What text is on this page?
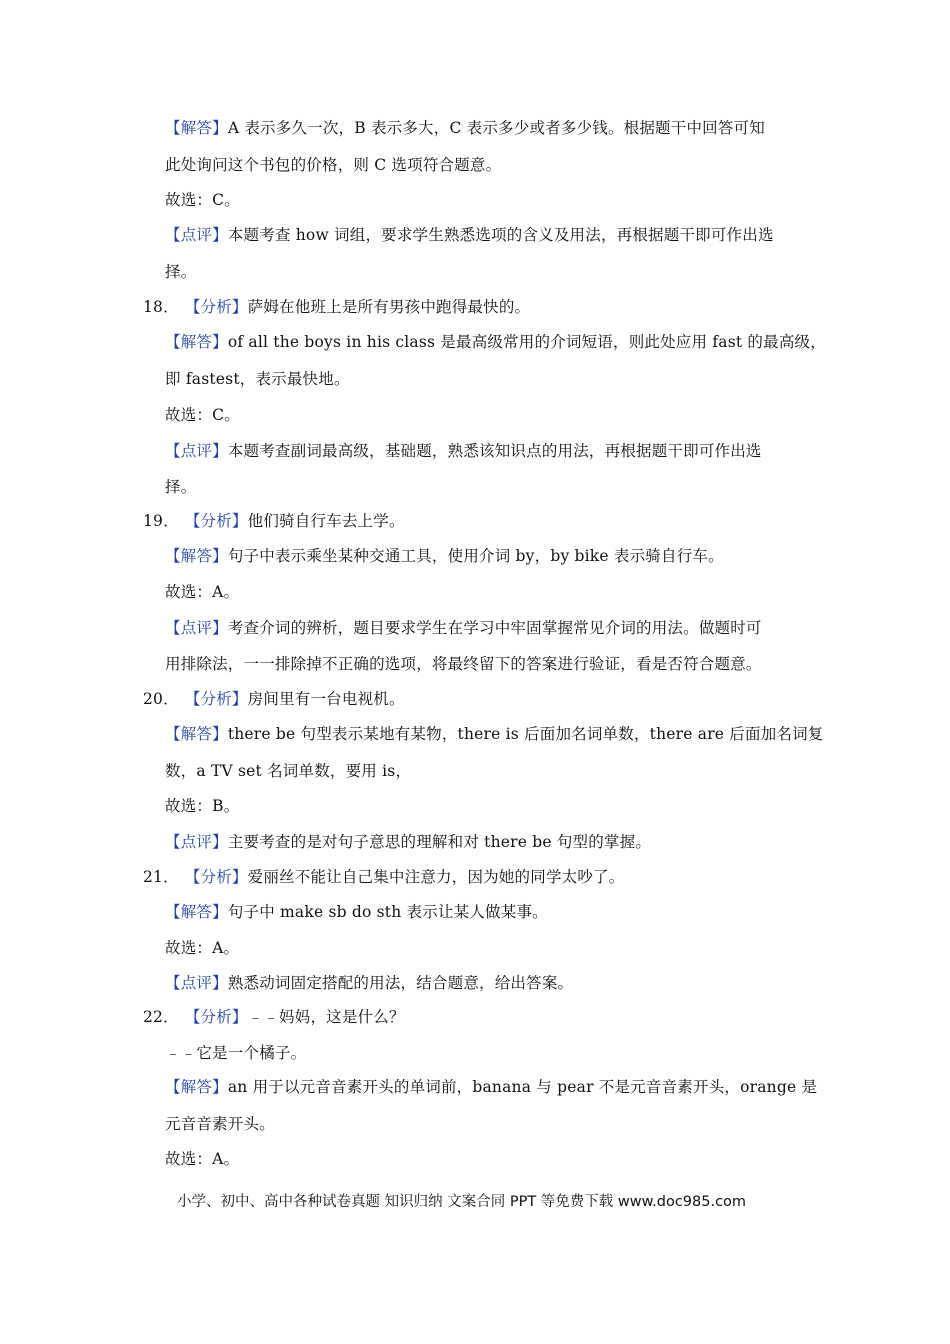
【解答】A 表示多久一次，B 表示多大，C 表示多少或者多少钱。根据题干中回答可知
此处询问这个书包的价格，则 C 选项符合题意。
故选：C。
【点评】本题考查 how 词组，要求学生熟悉选项的含义及用法，再根据题干即可作出选
择。
18． 【分析】萨姆在他班上是所有男孩中跑得最快的。
【解答】of all the boys in his class 是最高级常用的介词短语，则此处应用 fast 的最高级，
即 fastest，表示最快地。
故选：C。
【点评】本题考查副词最高级，基础题，熟悉该知识点的用法，再根据题干即可作出选
择。
19． 【分析】他们骑自行车去上学。
【解答】句子中表示乘坐某种交通工具，使用介词 by，by bike 表示骑自行车。
故选：A。
【点评】考查介词的辨析，题目要求学生在学习中牢固掌握常见介词的用法。做题时可
用排除法，一一排除掉不正确的选项，将最终留下的答案进行验证，看是否符合题意。
20． 【分析】房间里有一台电视机。
【解答】there be 句型表示某地有某物，there is 后面加名词单数，there are 后面加名词复
数，a TV set 名词单数，要用 is，
故选：B。
【点评】主要考查的是对句子意思的理解和对 there be 句型的掌握。
21． 【分析】爱丽丝不能让自己集中注意力，因为她的同学太吵了。
【解答】句子中 make sb do sth 表示让某人做某事。
故选：A。
【点评】熟悉动词固定搭配的用法，结合题意，给出答案。
22． 【分析】﹣﹣妈妈，这是什么？
﹣﹣它是一个橘子。
【解答】an 用于以元音音素开头的单词前，banana 与 pear 不是元音音素开头，orange 是
元音音素开头。
故选：A。
小学、初中、高中各种试卷真题 知识归纳 文案合同 PPT 等免费下载 www.doc985.com
